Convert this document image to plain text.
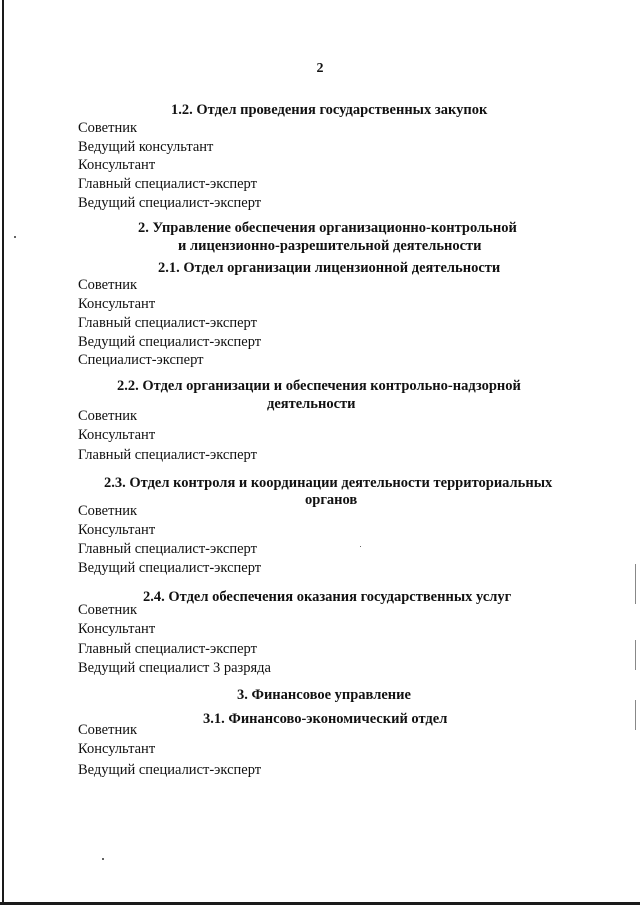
2
1.2. Отдел проведения государственных закупок
Советник
Ведущий консультант
Консультант
Главный специалист-эксперт
Ведущий специалист-эксперт
2. Управление обеспечения организационно-контрольной
и лицензионно-разрешительной деятельности
2.1. Отдел организации лицензионной деятельности
Советник
Консультант
Главный специалист-эксперт
Ведущий специалист-эксперт
Специалист-эксперт
2.2. Отдел организации и обеспечения контрольно-надзорной
деятельности
Советник
Консультант
Главный специалист-эксперт
2.3. Отдел контроля и координации деятельности территориальных
органов
Советник
Консультант
Главный специалист-эксперт
Ведущий специалист-эксперт
2.4. Отдел обеспечения оказания государственных услуг
Советник
Консультант
Главный специалист-эксперт
Ведущий специалист 3 разряда
3. Финансовое управление
3.1. Финансово-экономический отдел
Советник
Консультант
Ведущий специалист-эксперт
